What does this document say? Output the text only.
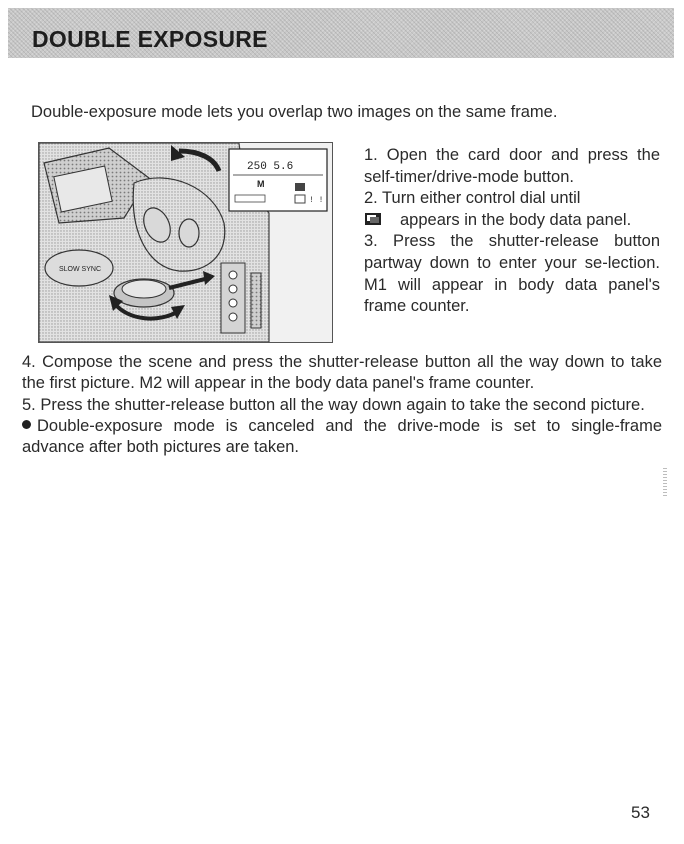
DOUBLE EXPOSURE
Double-exposure mode lets you overlap two images on the same frame.
SLOW SYNC
250 5.6
M
! !

1. Open the card door and press the self-timer/drive-mode button.

2. Turn either control dial until
appears in the body data panel.

3. Press the shutter-release button partway down to enter your se-lection. M1 will appear in body data panel's frame counter.

4. Compose the scene and press the shutter-release button all the way down to take the first picture. M2 will appear in the body data panel's frame counter.

5. Press the shutter-release button all the way down again to take the second picture.

Double-exposure mode is canceled and the drive-mode is set to single-frame advance after both pictures are taken.

53
